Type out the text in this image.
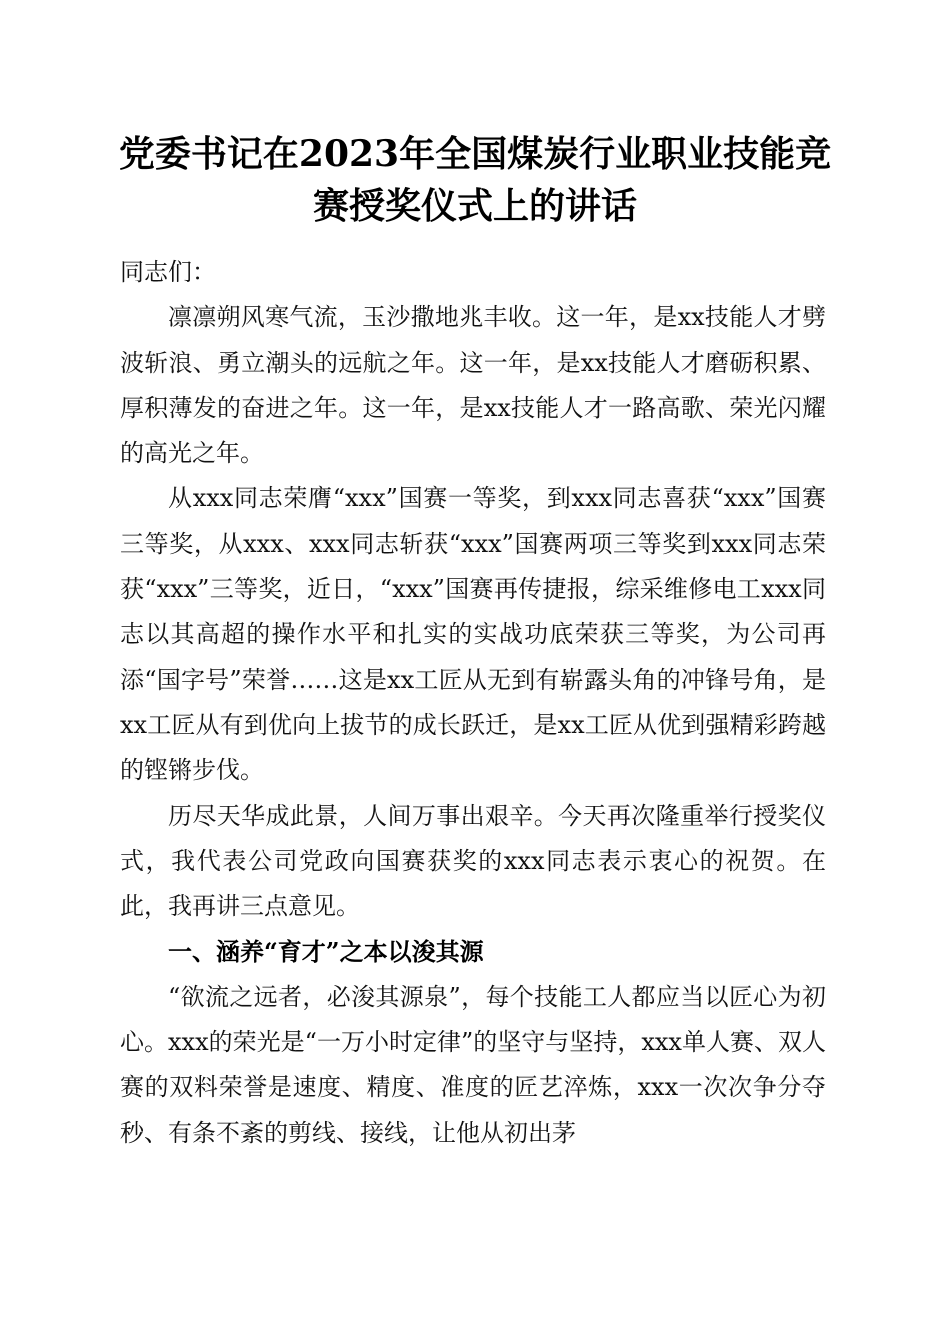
党委书记在2023年全国煤炭行业职业技能竞
赛授奖仪式上的讲话

同志们：

凛凛朔风寒气流，玉沙撒地兆丰收。这一年，是xx技能人才劈波斩浪、勇立潮头的远航之年。这一年，是xx技能人才磨砺积累、厚积薄发的奋进之年。这一年，是xx技能人才一路高歌、荣光闪耀的高光之年。

从xxx同志荣膺“xxx”国赛一等奖，到xxx同志喜获“xxx”国赛三等奖，从xxx、xxx同志斩获“xxx”国赛两项三等奖到xxx同志荣获“xxx”三等奖，近日，“xxx”国赛再传捷报，综采维修电工xxx同志以其高超的操作水平和扎实的实战功底荣获三等奖，为公司再添“国字号”荣誉……这是xx工匠从无到有崭露头角的冲锋号角，是xx工匠从有到优向上拔节的成长跃迁，是xx工匠从优到强精彩跨越的铿锵步伐。

历尽天华成此景，人间万事出艰辛。今天再次隆重举行授奖仪式，我代表公司党政向国赛获奖的xxx同志表示衷心的祝贺。在此，我再讲三点意见。

一、涵养“育才”之本以浚其源

“欲流之远者，必浚其源泉”，每个技能工人都应当以匠心为初心。xxx的荣光是“一万小时定律”的坚守与坚持，xxx单人赛、双人赛的双料荣誉是速度、精度、准度的匠艺淬炼，xxx一次次争分夺秒、有条不紊的剪线、接线，让他从初出茅
